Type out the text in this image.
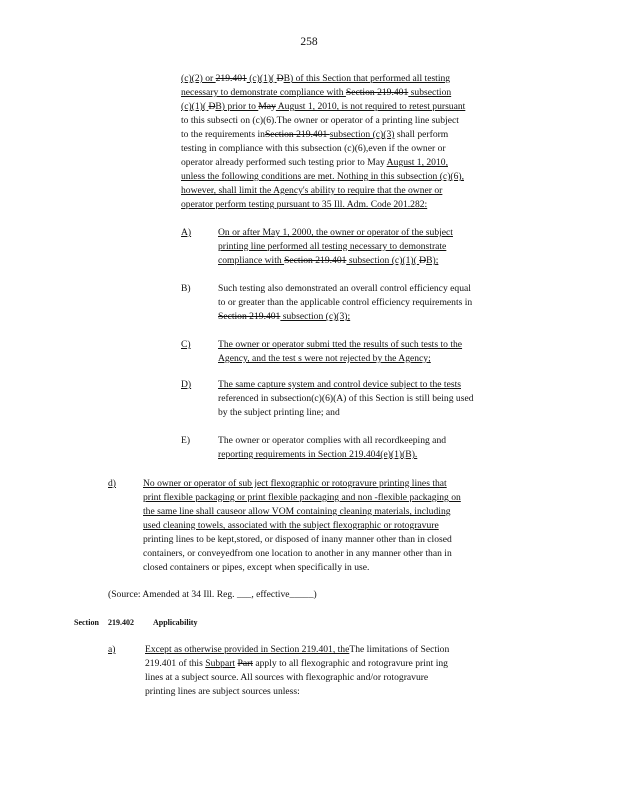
258
(c)(2) or 219.401 (c)(1)( DB) of this Section that performed all testing
necessary to demonstrate compliance with Section 219.401 subsection
(c)(1)( DB) prior to May August 1, 2010, is not required to retest pursuant
to this subsecti on (c)(6).The owner or operator of a printing line subject
to the requirements inSection 219.401 subsection (c)(3) shall perform
testing in compliance with this subsection (c)(6),even if the owner or
operator already performed such testing prior to May August 1, 2010,
unless the following conditions are met. Nothing in this subsection (c)(6),
however, shall limit the Agency's ability to require that the owner or
operator perform testing pursuant to 35 Ill. Adm. Code 201.282:
A)	On or after May 1, 2000, the owner or operator of the subject
printing line performed all testing necessary to demonstrate
compliance with Section 219.401 subsection (c)(1)( DB);
B)	Such testing also demonstrated an overall control efficiency equal
to or greater than the applicable control efficiency requirements in
Section 219.401 subsection (c)(3);
C)	The owner or operator submi tted the results of such tests to the
Agency, and the test s were not rejected by the Agency;
D)	The same capture system and control device subject to the tests
referenced in subsection(c)(6)(A) of this Section is still being used
by the subject printing line; and
E)	The owner or operator complies with all recordkeeping and
reporting requirements in Section 219.404(e)(1)(B).
d)	No owner or operator of sub ject flexographic or rotogravure printing lines that
print flexible packaging or print flexible packaging and non -flexible packaging on
the same line shall causeor allow VOM containing cleaning materials, including
used cleaning towels, associated with the subject flexographic or rotogravure
printing lines to be kept,stored, or disposed of inany manner other than in closed
containers, or conveyedfrom one location to another in any manner other than in
closed containers or pipes, except when specifically in use.
(Source: Amended at 34 Ill. Reg. ___, effective_____)
Section 219.402 Applicability
a)	Except as otherwise provided in Section 219.401, theThe limitations of Section
219.401 of this Subpart Part apply to all flexographic and rotogravure print ing
lines at a subject source. All sources with flexographic and/or rotogravure
printing lines are subject sources unless:
